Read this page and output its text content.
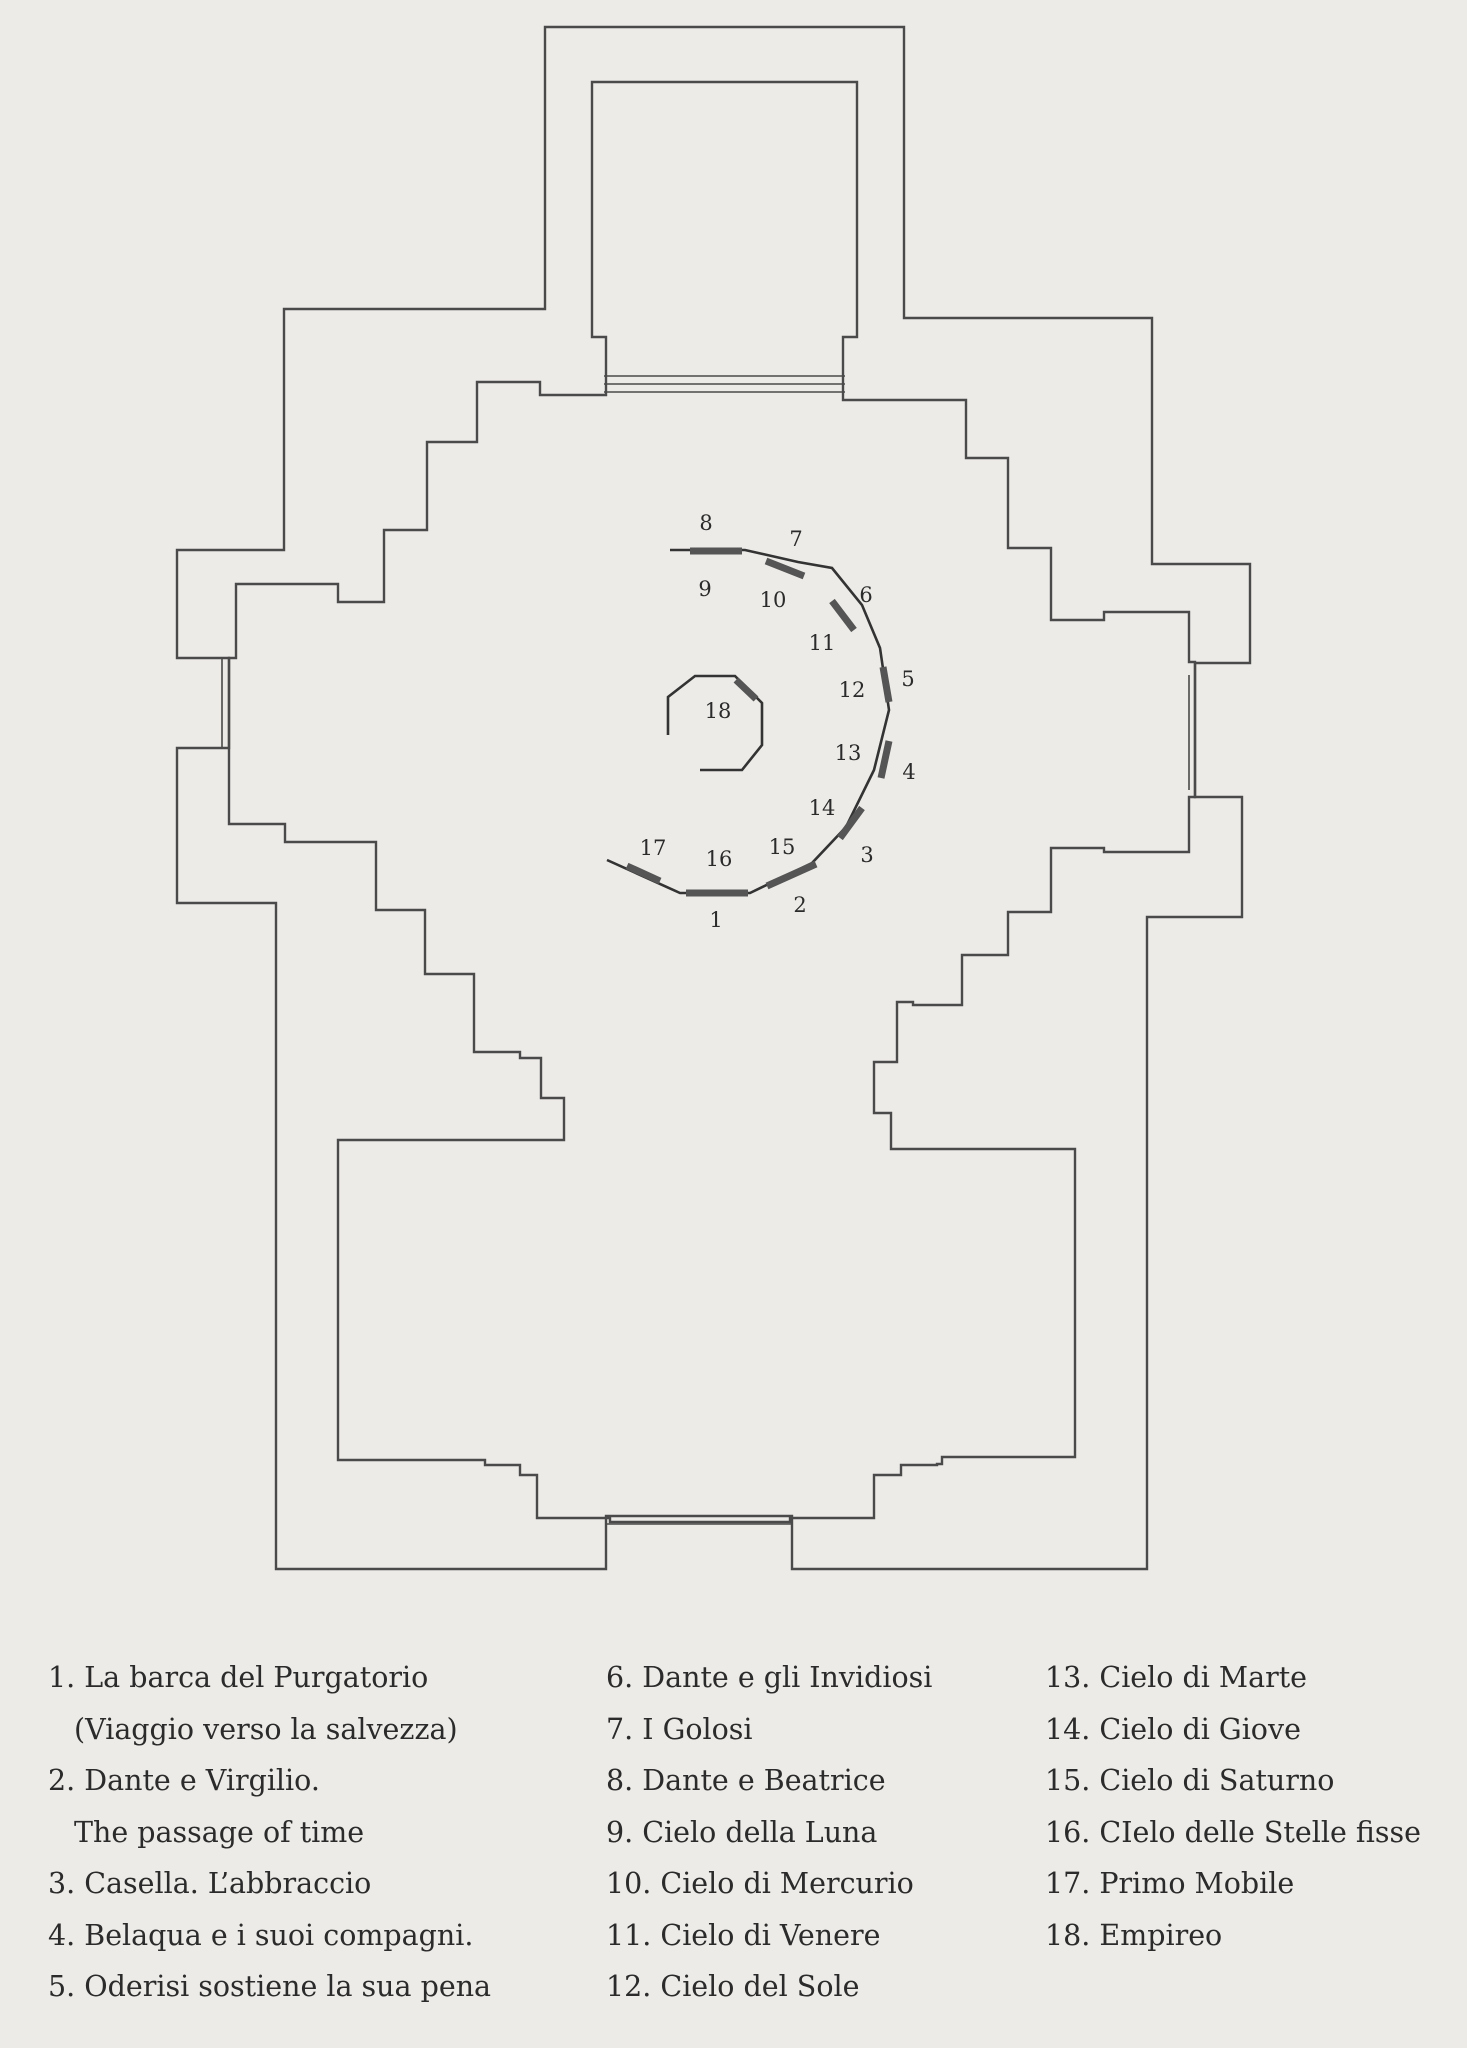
1
2
3
4
5
6
7
8
9 10
11
12
13
14
15
16
17
18
1. La barca del Purgatorio
(Viaggio verso la salvezza)
2. Dante e Virgilio.
The passage of time
3. Casella. L’abbraccio
4. Belaqua e i suoi compagni.
5. Oderisi sostiene la sua pena
6. Dante e gli Invidiosi
7. I Golosi
8. Dante e Beatrice
9. Cielo della Luna
10. Cielo di Mercurio
11. Cielo di Venere
12. Cielo del Sole
13. Cielo di Marte
14. Cielo di Giove
15. Cielo di Saturno
16. CIelo delle Stelle fisse
17. Primo Mobile
18. Empireo
